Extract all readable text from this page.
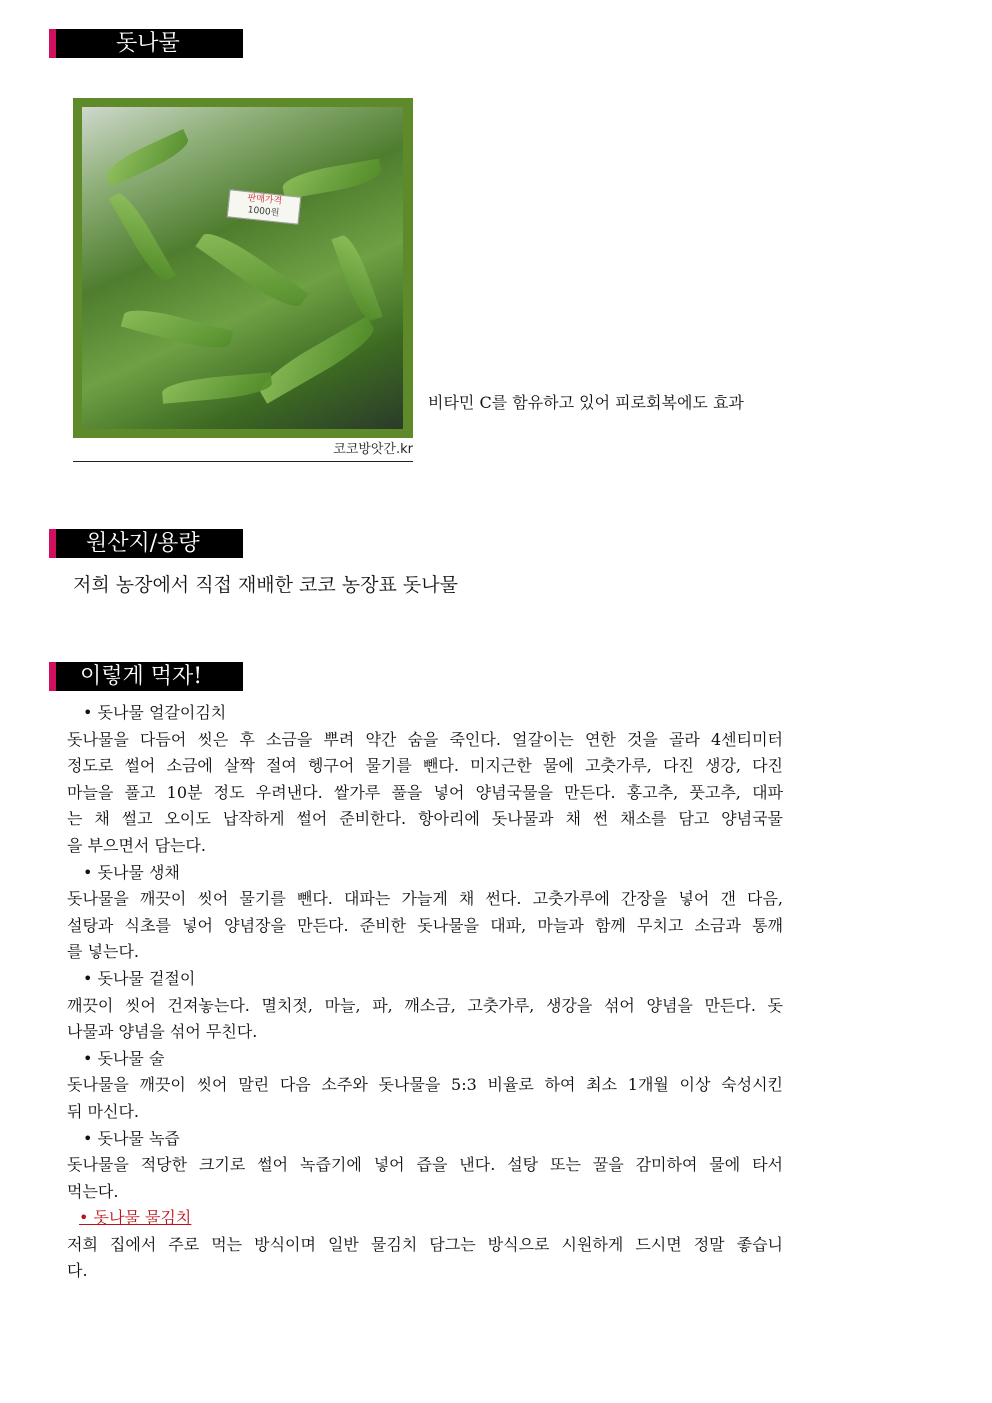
돗나물
판매가격
1000원
코코방앗간.kr
비타민 C를 함유하고 있어 피로회복에도 효과
원산지/용량
저희 농장에서 직접 재배한 코코 농장표 돗나물
이렇게 먹자!
• 돗나물 얼갈이김치
돗나물을 다듬어 씻은 후 소금을 뿌려 약간 숨을 죽인다. 얼갈이는 연한 것을 골라 4센티미터
정도로 썰어 소금에 살짝 절여 헹구어 물기를 뺀다. 미지근한 물에 고춧가루, 다진 생강, 다진
마늘을 풀고 10분 정도 우려낸다. 쌀가루 풀을 넣어 양념국물을 만든다. 홍고추, 풋고추, 대파
는 채 썰고 오이도 납작하게 썰어 준비한다. 항아리에 돗나물과 채 썬 채소를 담고 양념국물
을 부으면서 담는다.
• 돗나물 생채
돗나물을 깨끗이 씻어 물기를 뺀다. 대파는 가늘게 채 썬다. 고춧가루에 간장을 넣어 갠 다음,
설탕과 식초를 넣어 양념장을 만든다. 준비한 돗나물을 대파, 마늘과 함께 무치고 소금과 통깨
를 넣는다.
• 돗나물 겉절이
깨끗이 씻어 건져놓는다. 멸치젓, 마늘, 파, 깨소금, 고춧가루, 생강을 섞어 양념을 만든다. 돗
나물과 양념을 섞어 무친다.
• 돗나물 술
돗나물을 깨끗이 씻어 말린 다음 소주와 돗나물을 5:3 비율로 하여 최소 1개월 이상 숙성시킨
뒤 마신다.
• 돗나물 녹즙
돗나물을 적당한 크기로 썰어 녹즙기에 넣어 즙을 낸다. 설탕 또는 꿀을 감미하여 물에 타서
먹는다.
• 돗나물 물김치
저희 집에서 주로 먹는 방식이며 일반 물김치 담그는 방식으로 시원하게 드시면 정말 좋습니
다.
